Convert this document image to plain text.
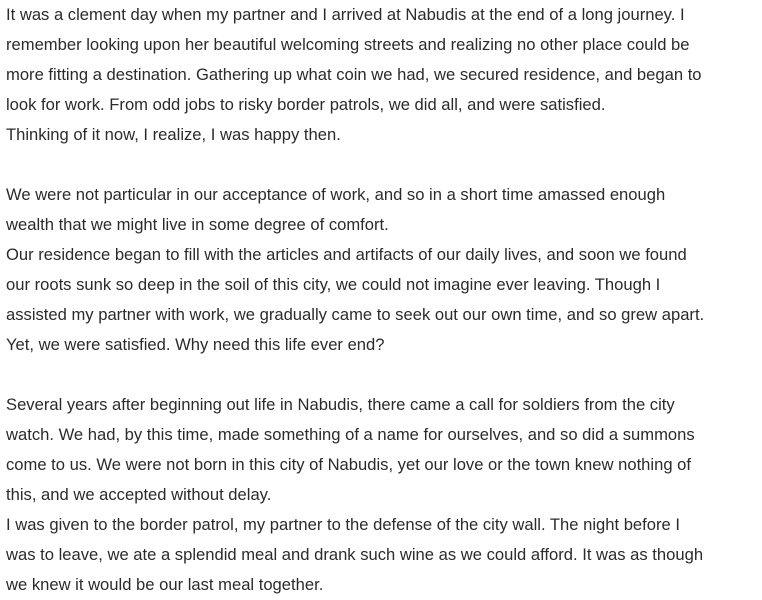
It was a clement day when my partner and I arrived at Nabudis at the end of a long journey. I
remember looking upon her beautiful welcoming streets and realizing no other place could be
more fitting a destination. Gathering up what coin we had, we secured residence, and began to
look for work. From odd jobs to risky border patrols, we did all, and were satisfied.
Thinking of it now, I realize, I was happy then.

We were not particular in our acceptance of work, and so in a short time amassed enough
wealth that we might live in some degree of comfort.
Our residence began to fill with the articles and artifacts of our daily lives, and soon we found
our roots sunk so deep in the soil of this city, we could not imagine ever leaving. Though I
assisted my partner with work, we gradually came to seek out our own time, and so grew apart.
Yet, we were satisfied. Why need this life ever end?

Several years after beginning out life in Nabudis, there came a call for soldiers from the city
watch. We had, by this time, made something of a name for ourselves, and so did a summons
come to us. We were not born in this city of Nabudis, yet our love or the town knew nothing of
this, and we accepted without delay.
I was given to the border patrol, my partner to the defense of the city wall. The night before I
was to leave, we ate a splendid meal and drank such wine as we could afford. It was as though
we knew it would be our last meal together.
